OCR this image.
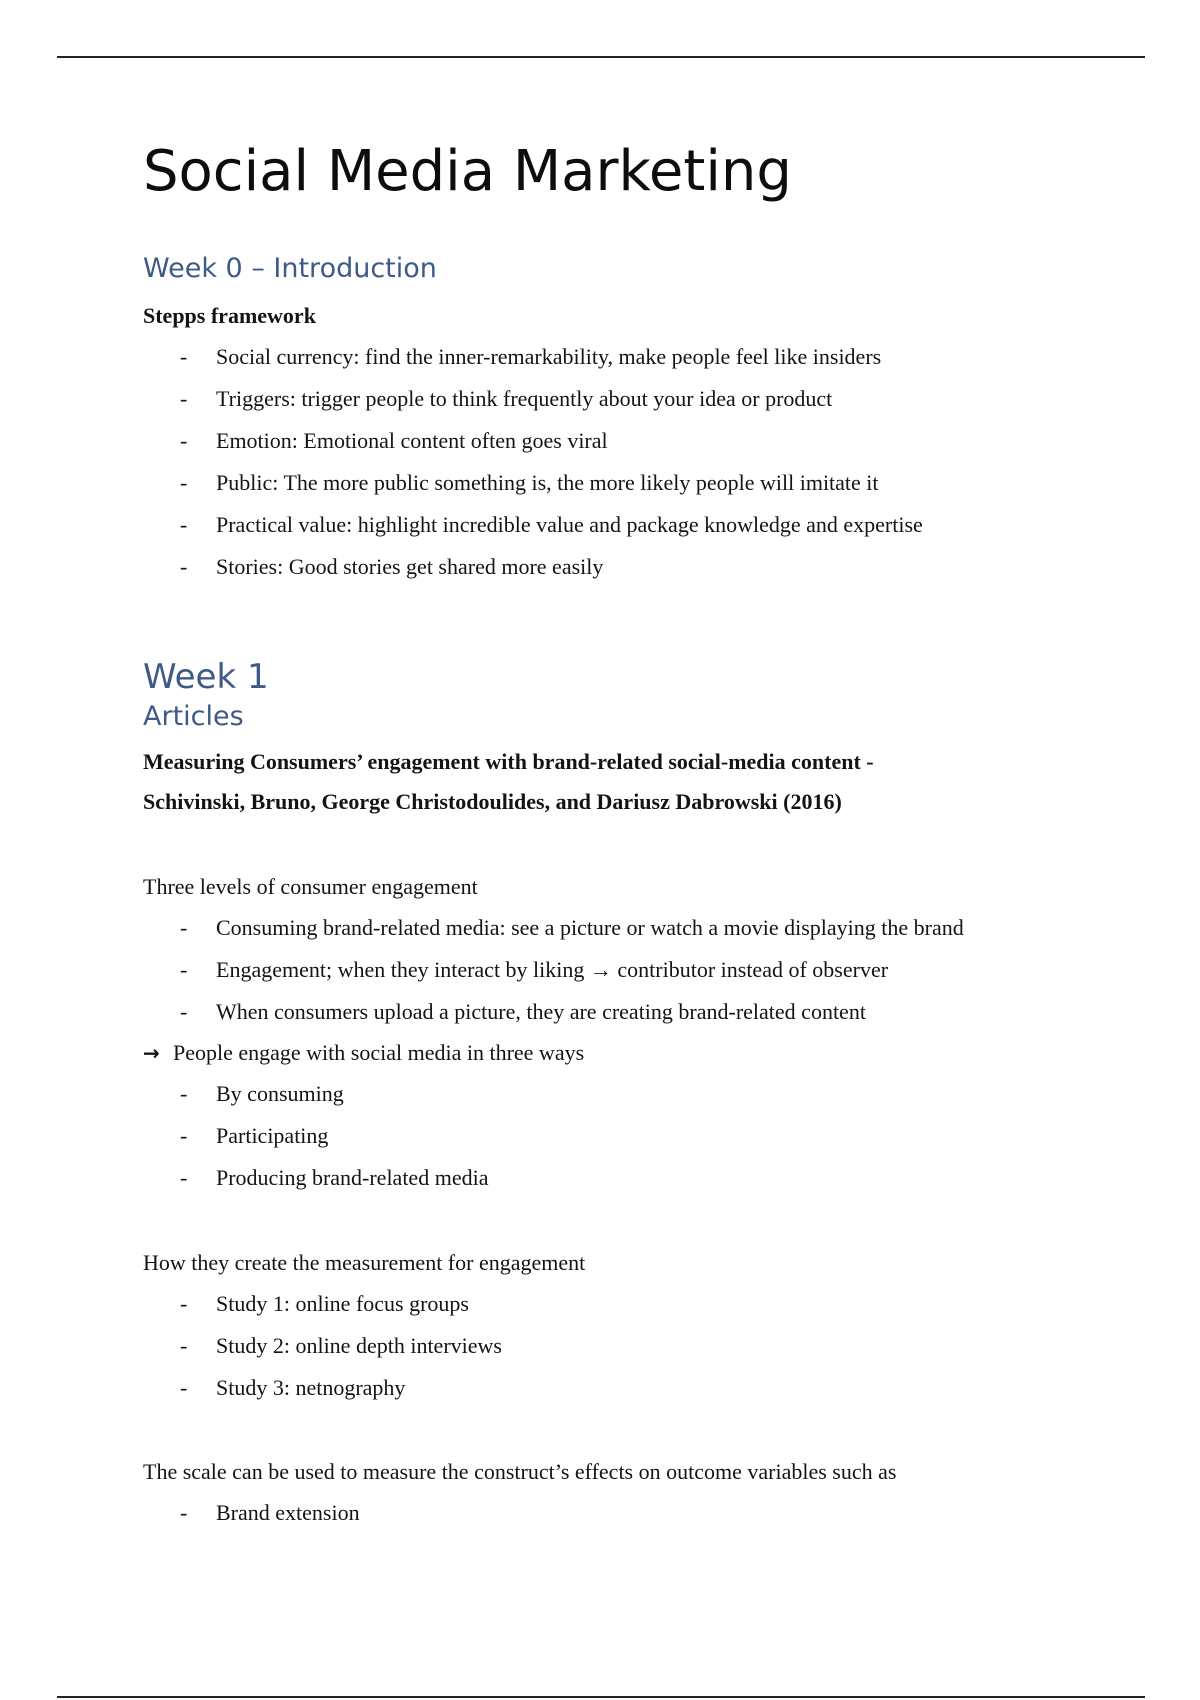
Social Media Marketing
Week 0 – Introduction

Stepps framework

- Social currency: find the inner-remarkability, make people feel like insiders
- Triggers: trigger people to think frequently about your idea or product
- Emotion: Emotional content often goes viral
- Public: The more public something is, the more likely people will imitate it
- Practical value: highlight incredible value and package knowledge and expertise
- Stories: Good stories get shared more easily
Week 1
Articles

Measuring Consumers’ engagement with brand-related social-media content -

Schivinski, Bruno, George Christodoulides, and Dariusz Dabrowski (2016)

Three levels of consumer engagement

- Consuming brand-related media: see a picture or watch a movie displaying the brand
- Engagement; when they interact by liking → contributor instead of observer
- When consumers upload a picture, they are creating brand-related content

→ People engage with social media in three ways

- By consuming
- Participating
- Producing brand-related media

How they create the measurement for engagement

- Study 1: online focus groups
- Study 2: online depth interviews
- Study 3: netnography

The scale can be used to measure the construct’s effects on outcome variables such as

- Brand extension
